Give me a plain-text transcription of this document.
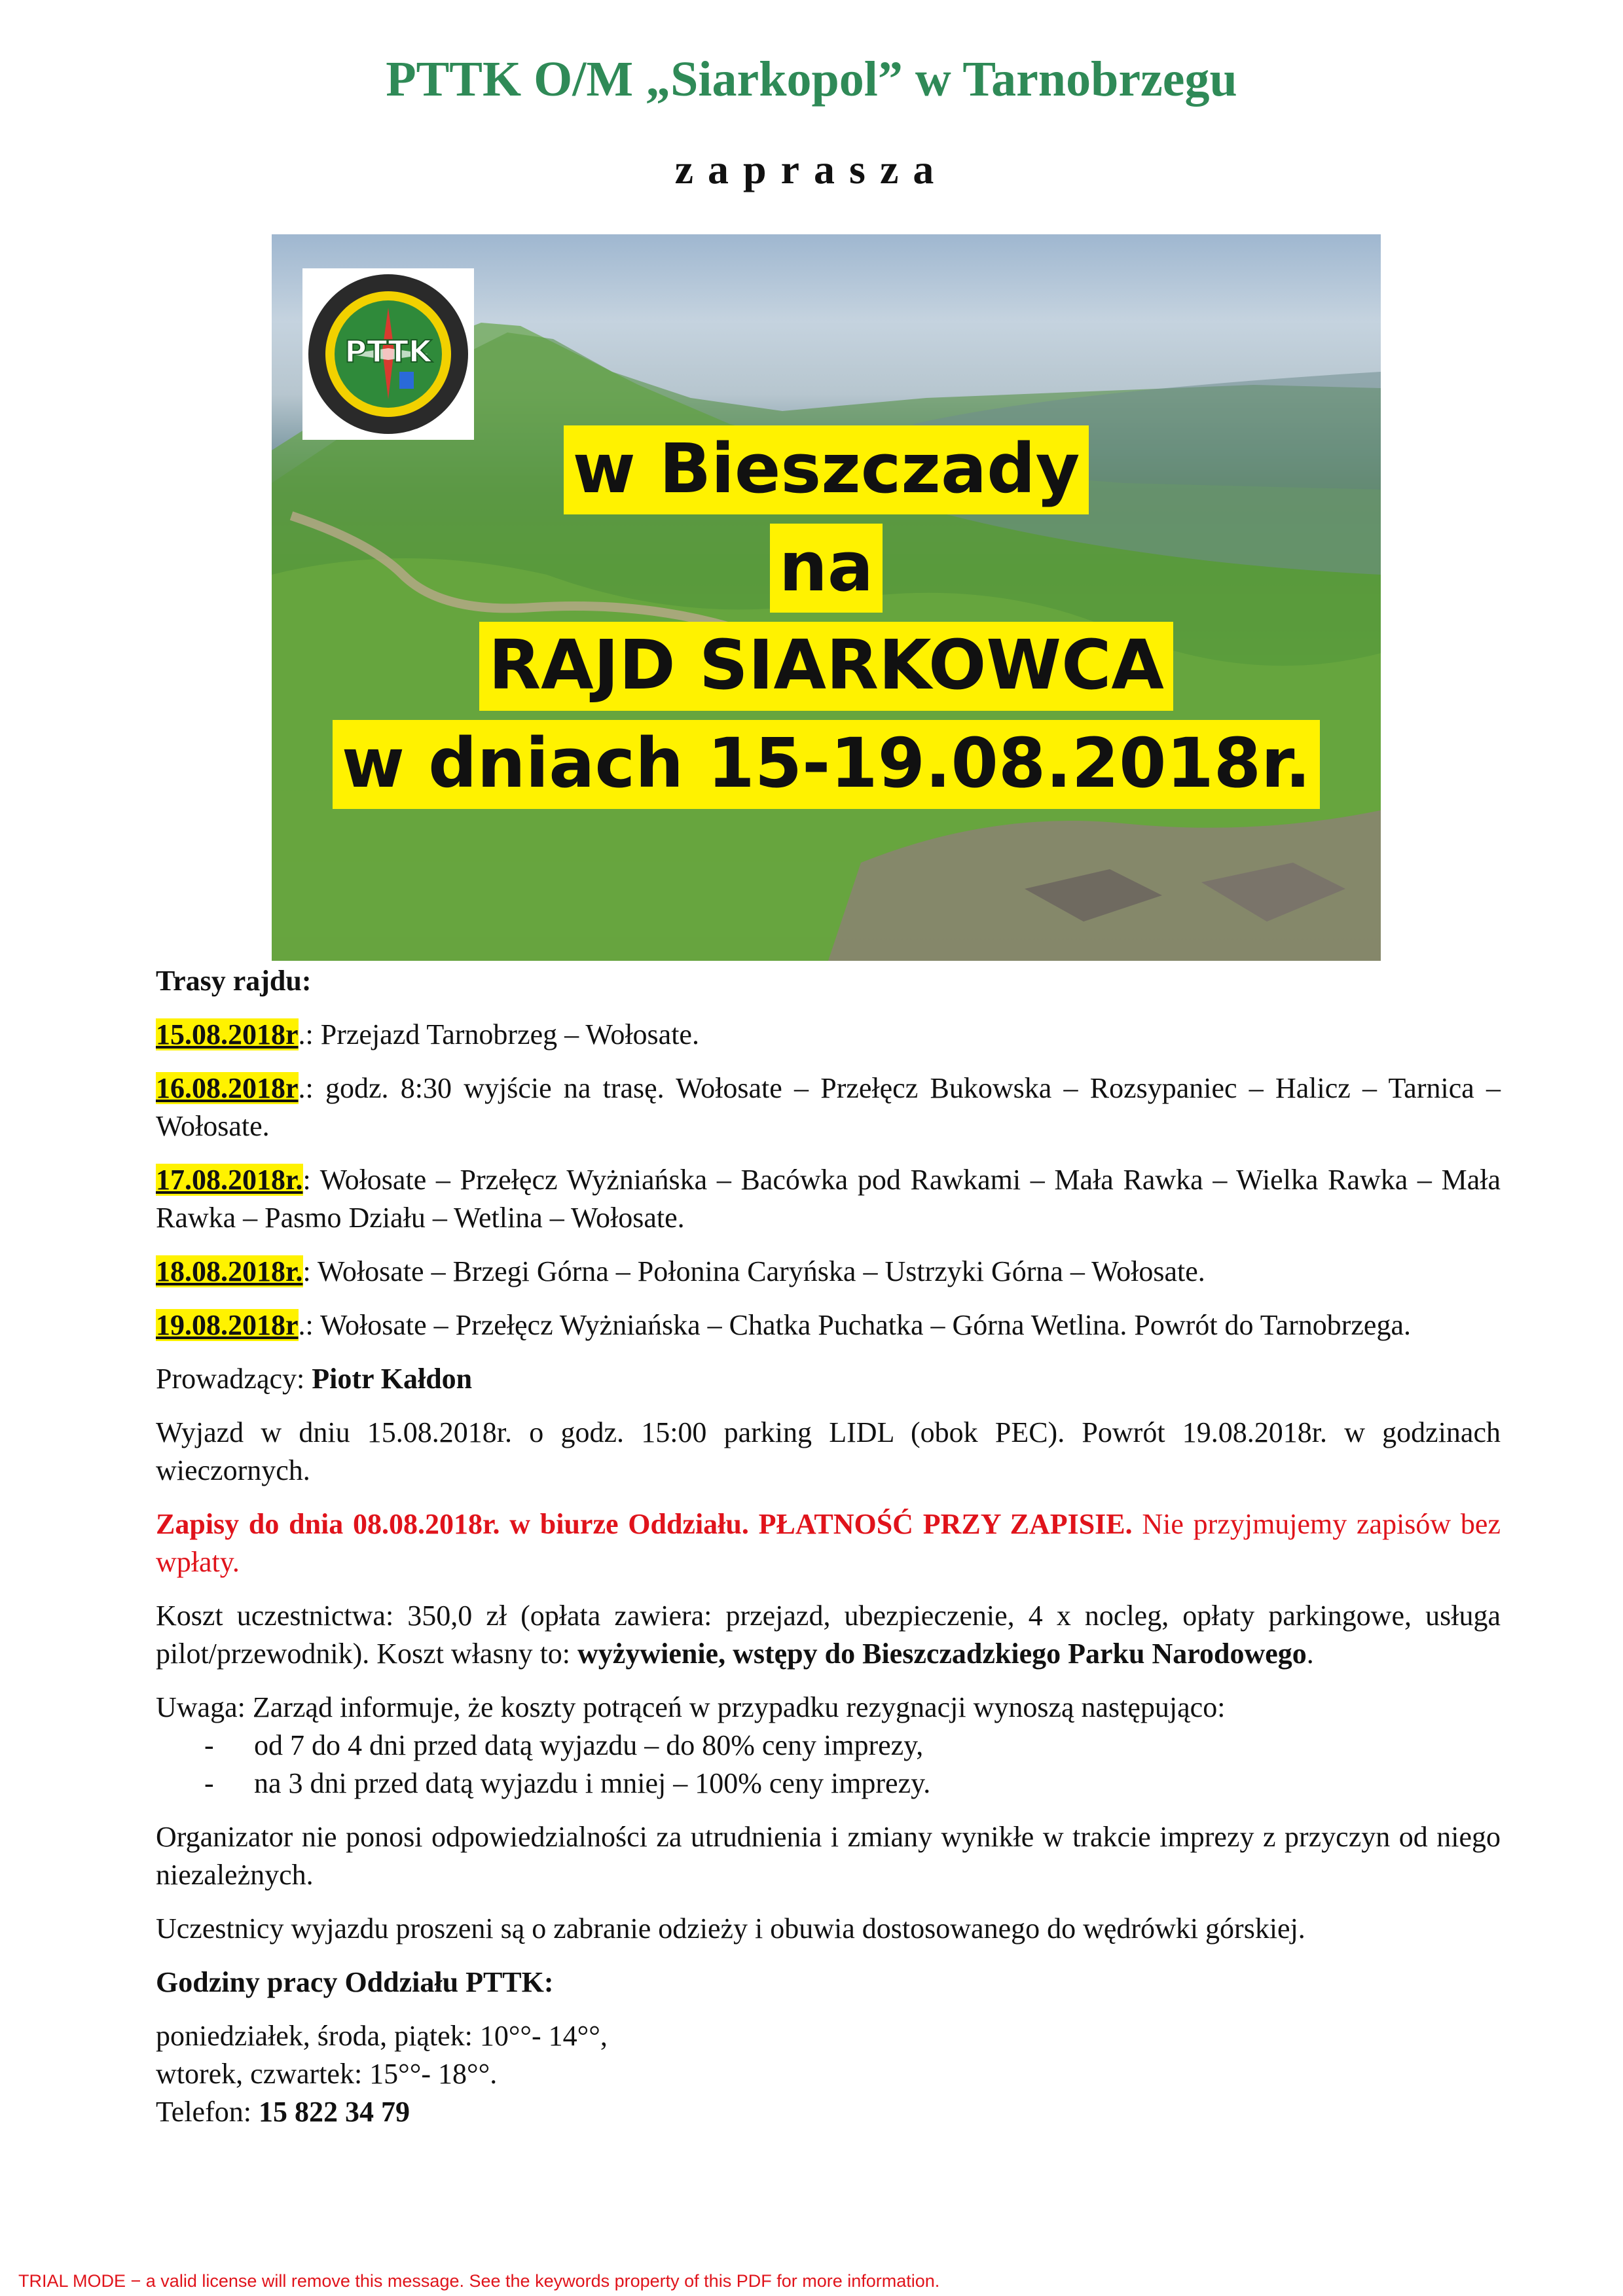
PTTK O/M „Siarkopol” w Tarnobrzegu
zaprasza
PTTK
w Bieszczady
na
RAJD SIARKOWCA
w dniach 15-19.08.2018r.

Trasy rajdu:

15.08.2018r.: Przejazd Tarnobrzeg – Wołosate.

16.08.2018r.: godz. 8:30 wyjście na trasę. Wołosate – Przełęcz Bukowska – Rozsypaniec – Halicz – Tarnica – Wołosate.

17.08.2018r.: Wołosate – Przełęcz Wyżniańska – Bacówka pod Rawkami – Mała Rawka – Wielka Rawka – Mała Rawka – Pasmo Działu – Wetlina – Wołosate.

18.08.2018r.: Wołosate – Brzegi Górna – Połonina Caryńska – Ustrzyki Górna – Wołosate.

19.08.2018r.: Wołosate – Przełęcz Wyżniańska – Chatka Puchatka – Górna Wetlina. Powrót do Tarnobrzega.

Prowadzący: Piotr Kałdon

Wyjazd w dniu 15.08.2018r. o godz. 15:00 parking LIDL (obok PEC). Powrót 19.08.2018r. w godzinach wieczornych.

Zapisy do dnia 08.08.2018r. w biurze Oddziału. PŁATNOŚĆ PRZY ZAPISIE. Nie przyjmujemy zapisów bez wpłaty.

Koszt uczestnictwa: 350,0 zł (opłata zawiera: przejazd, ubezpieczenie, 4 x nocleg, opłaty parkingowe, usługa pilot/przewodnik). Koszt własny to: wyżywienie, wstępy do Bieszczadzkiego Parku Narodowego.

Uwaga: Zarząd informuje, że koszty potrąceń w przypadku rezygnacji wynoszą następująco:

- od 7 do 4 dni przed datą wyjazdu – do 80% ceny imprezy,
- na 3 dni przed datą wyjazdu i mniej – 100% ceny imprezy.

Organizator nie ponosi odpowiedzialności za utrudnienia i zmiany wynikłe w trakcie imprezy z przyczyn od niego niezależnych.

Uczestnicy wyjazdu proszeni są o zabranie odzieży i obuwia dostosowanego do wędrówki górskiej.

Godziny pracy Oddziału PTTK:

poniedziałek, środa, piątek: 10°°- 14°°,
wtorek, czwartek: 15°°- 18°°.
Telefon: 15 822 34 79
TRIAL MODE − a valid license will remove this message. See the keywords property of this PDF for more information.
